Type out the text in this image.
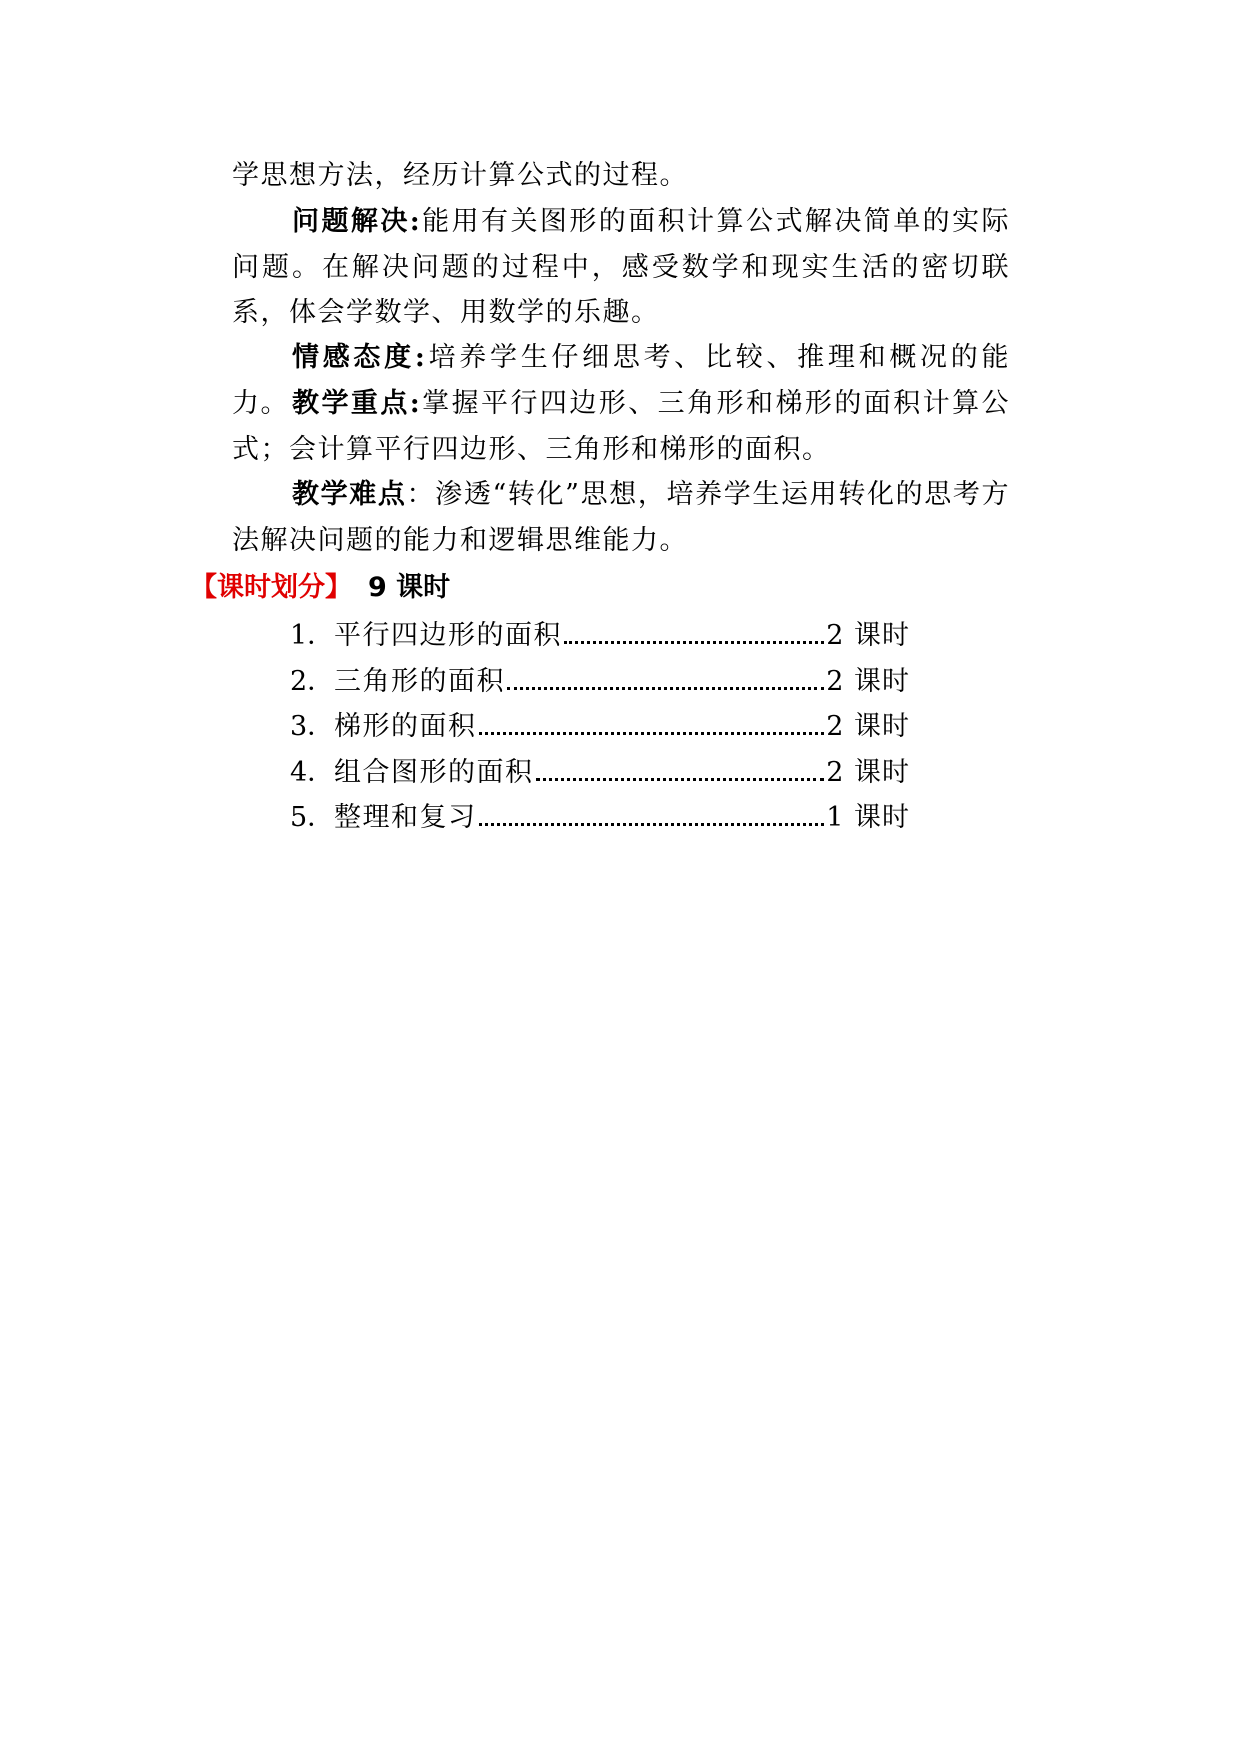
学思想方法，经历计算公式的过程。

问题解决:能用有关图形的面积计算公式解决简单的实际问题。在解决问题的过程中，感受数学和现实生活的密切联系，体会学数学、用数学的乐趣。

情感态度:培养学生仔细思考、比较、推理和概况的能力。 教学重点:掌握平行四边形、三角形和梯形的面积计算公式；会计算平行四边形、三角形和梯形的面积。

教学难点：渗透“转化”思想，培养学生运用转化的思考方法解决问题的能力和逻辑思维能力。

【课时划分】 9 课时
1． 平行四边形的面积	2 课时
2． 三角形的面积	2 课时
3． 梯形的面积	2 课时
4． 组合图形的面积	2 课时
5． 整理和复习	1 课时
